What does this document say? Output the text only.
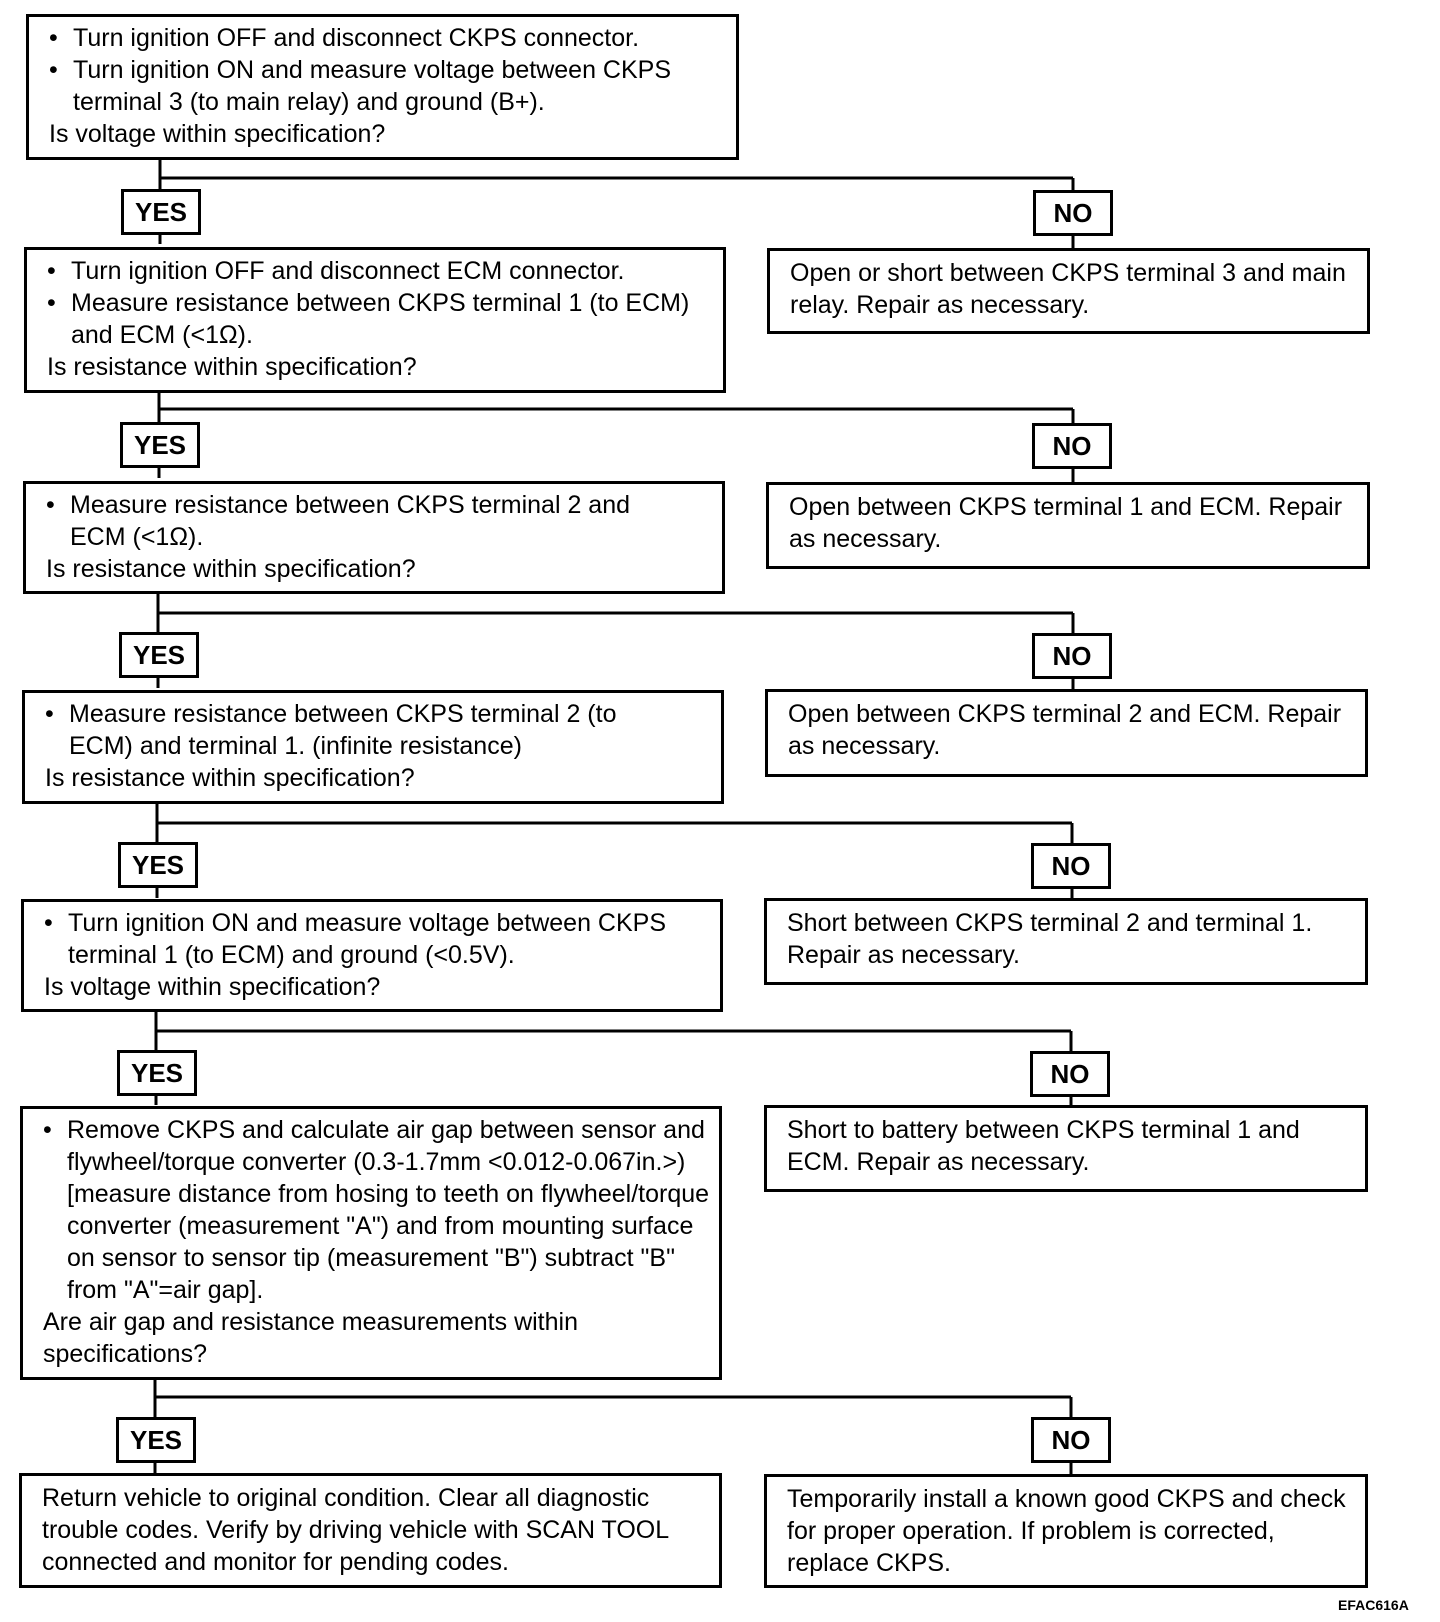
• Turn ignition OFF and disconnect CKPS connector.
• Turn ignition ON and measure voltage between CKPS terminal 3 (to main relay) and ground (B+).

Is voltage within specification?

YES	NO
Open or short between CKPS terminal 3 and main relay. Repair as necessary.
• Turn ignition OFF and disconnect ECM connector.
• Measure resistance between CKPS terminal 1 (to ECM) and ECM (<1Ω).

Is resistance within specification?

YES	NO
Open between CKPS terminal 1 and ECM. Repair as necessary.
• Measure resistance between CKPS terminal 2 and ECM (<1Ω).

Is resistance within specification?

YES	NO
Open between CKPS terminal 2 and ECM. Repair as necessary.
• Measure resistance between CKPS terminal 2 (to ECM) and terminal 1. (infinite resistance)

Is resistance within specification?

YES	NO
Short between CKPS terminal 2 and terminal 1. Repair as necessary.
• Turn ignition ON and measure voltage between CKPS terminal 1 (to ECM) and ground (<0.5V).

Is voltage within specification?

YES	NO
Short to battery between CKPS terminal 1 and ECM. Repair as necessary.
• Remove CKPS and calculate air gap between sensor and flywheel/torque converter (0.3-1.7mm <0.012-0.067in.>) [measure distance from hosing to teeth on flywheel/torque converter (measurement "A") and from mounting surface on sensor to sensor tip (measurement "B") subtract "B" from "A"=air gap].

Are air gap and resistance measurements within specifications?

YES	NO
Return vehicle to original condition. Clear all diagnostic trouble codes. Verify by driving vehicle with SCAN TOOL connected and monitor for pending codes.
Temporarily install a known good CKPS and check for proper operation. If problem is corrected, replace CKPS.
EFAC616A
